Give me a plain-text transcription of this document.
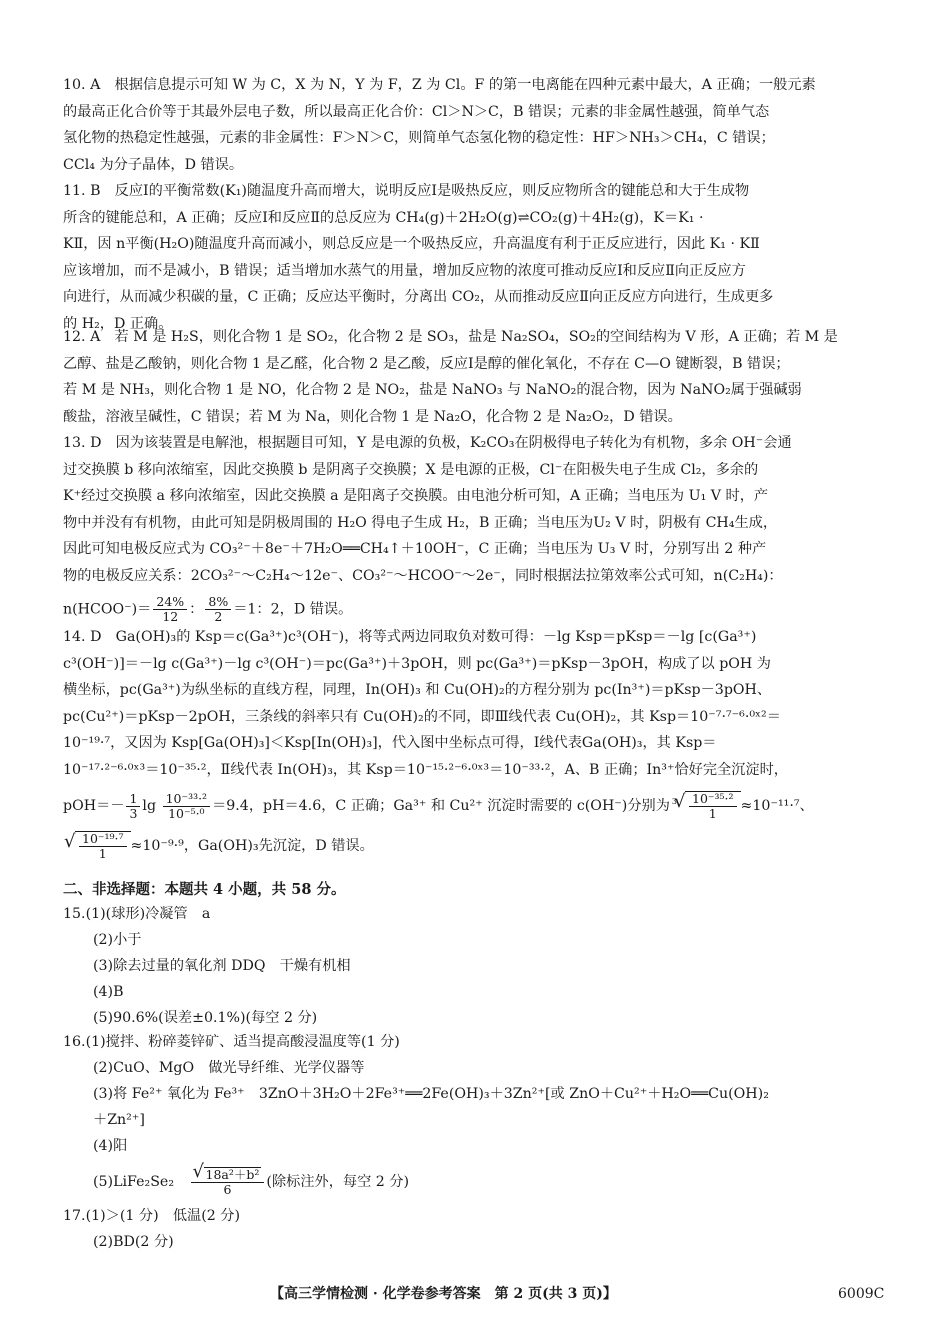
10. A　根据信息提示可知 W 为 C，X 为 N，Y 为 F，Z 为 Cl。F 的第一电离能在四种元素中最大，A 正确；一般元素
的最高正化合价等于其最外层电子数，所以最高正化合价：Cl＞N＞C，B 错误；元素的非金属性越强，简单气态
氢化物的热稳定性越强，元素的非金属性：F＞N＞C，则简单气态氢化物的稳定性：HF＞NH₃＞CH₄，C 错误；
CCl₄ 为分子晶体，D 错误。
11. B　反应Ⅰ的平衡常数(K₁)随温度升高而增大，说明反应Ⅰ是吸热反应，则反应物所含的键能总和大于生成物
所含的键能总和，A 正确；反应Ⅰ和反应Ⅱ的总反应为 CH₄(g)＋2H₂O(g)⇌CO₂(g)＋4H₂(g)，K＝K₁ ·
KⅡ，因 n平衡(H₂O)随温度升高而减小，则总反应是一个吸热反应，升高温度有利于正反应进行，因此 K₁ · KⅡ
应该增加，而不是减小，B 错误；适当增加水蒸气的用量，增加反应物的浓度可推动反应Ⅰ和反应Ⅱ向正反应方
向进行，从而减少积碳的量，C 正确；反应达平衡时，分离出 CO₂，从而推动反应Ⅱ向正反应方向进行，生成更多
的 H₂，D 正确。
12. A　若 M 是 H₂S，则化合物 1 是 SO₂，化合物 2 是 SO₃，盐是 Na₂SO₄，SO₂的空间结构为 V 形，A 正确；若 M 是
乙醇、盐是乙酸钠，则化合物 1 是乙醛，化合物 2 是乙酸，反应Ⅰ是醇的催化氧化，不存在 C—O 键断裂，B 错误；
若 M 是 NH₃，则化合物 1 是 NO，化合物 2 是 NO₂，盐是 NaNO₃ 与 NaNO₂的混合物，因为 NaNO₂属于强碱弱
酸盐，溶液呈碱性，C 错误；若 M 为 Na，则化合物 1 是 Na₂O，化合物 2 是 Na₂O₂，D 错误。
13. D　因为该装置是电解池，根据题目可知，Y 是电源的负极，K₂CO₃在阴极得电子转化为有机物，多余 OH⁻会通
过交换膜 b 移向浓缩室，因此交换膜 b 是阴离子交换膜；X 是电源的正极，Cl⁻在阳极失电子生成 Cl₂，多余的
K⁺经过交换膜 a 移向浓缩室，因此交换膜 a 是阳离子交换膜。由电池分析可知，A 正确；当电压为 U₁ V 时，产
物中并没有有机物，由此可知是阴极周围的 H₂O 得电子生成 H₂，B 正确；当电压为U₂ V 时，阴极有 CH₄生成，
因此可知电极反应式为 CO₃²⁻＋8e⁻＋7H₂O══CH₄↑＋10OH⁻，C 正确；当电压为 U₃ V 时，分别写出 2 种产
物的电极反应关系：2CO₃²⁻～C₂H₄～12e⁻、CO₃²⁻～HCOO⁻～2e⁻，同时根据法拉第效率公式可知，n(C₂H₄)：
n(HCOO⁻)＝ $\frac{24\%}{12}$ ： $\frac{8\%}{2} =1$：2，D 错误。
14. D　Ga(OH)₃的 Ksp＝c(Ga³⁺)c³(OH⁻)，将等式两边同取负对数可得：－lg Ksp＝pKsp＝－lg [c(Ga³⁺)
c³(OH⁻)]＝－lg c(Ga³⁺)－lg c³(OH⁻)＝pc(Ga³⁺)＋3pOH，则 pc(Ga³⁺)＝pKsp－3pOH，构成了以 pOH 为
横坐标，pc(Ga³⁺)为纵坐标的直线方程，同理，In(OH)₃ 和 Cu(OH)₂的方程分别为 pc(In³⁺)＝pKsp－3pOH、
pc(Cu²⁺)＝pKsp－2pOH，三条线的斜率只有 Cu(OH)₂的不同，即Ⅲ线代表 Cu(OH)₂，其 Ksp＝10⁻⁷·⁷⁻⁶·⁰ˣ²＝
10⁻¹⁹·⁷，又因为 Ksp[Ga(OH)₃]＜Ksp[In(OH)₃]，代入图中坐标点可得，Ⅰ线代表Ga(OH)₃，其 Ksp＝
10⁻¹⁷·²⁻⁶·⁰ˣ³＝10⁻³⁵·²，Ⅱ线代表 In(OH)₃，其 Ksp＝10⁻¹⁵·²⁻⁶·⁰ˣ³＝10⁻³³·²，A、B 正确；In³⁺恰好完全沉淀时，
$pOH=- \frac{1}{3}$ $\lg \frac{\text{10⁻³³·²}}{\text{10⁻⁵·⁰}} =9.4$，pH＝4.6，C 正确；Ga³⁺ 和 Cu²⁺ 沉淀时需要的 c(OH⁻)分别为 $^3$ √ $\frac{\text{10⁻³⁵·²}}{1} \approx 10^{-11}\cdot^7$、
√ $\frac{\text{10⁻¹⁹·⁷}}{1} \approx 10^{-9}\cdot^9$，Ga(OH)₃先沉淀，D 错误。
二、非选择题：本题共 4 小题，共 58 分。
15.(1)(球形)冷凝管　a
(2)小于
(3)除去过量的氧化剂 DDQ　干燥有机相
(4)B
(5)90.6%(误差±0.1%)(每空 2 分)
16.(1)搅拌、粉碎菱锌矿、适当提高酸浸温度等(1 分)
(2)CuO、MgO　做光导纤维、光学仪器等
(3)将 Fe²⁺ 氧化为 Fe³⁺　3ZnO＋3H₂O＋2Fe³⁺══2Fe(OH)₃＋3Zn²⁺[或 ZnO＋Cu²⁺＋H₂O══Cu(OH)₂
＋Zn²⁺]
(4)阳
(5)LiFe₂Se₂ √ $\frac{\text{18a²＋b²}}{6}$ (除标注外，每空 2 分)
17.(1)＞(1 分)　低温(2 分)
(2)BD(2 分)
【高三学情检测 · 化学卷参考答案　第 2 页(共 3 页)】	6009C
